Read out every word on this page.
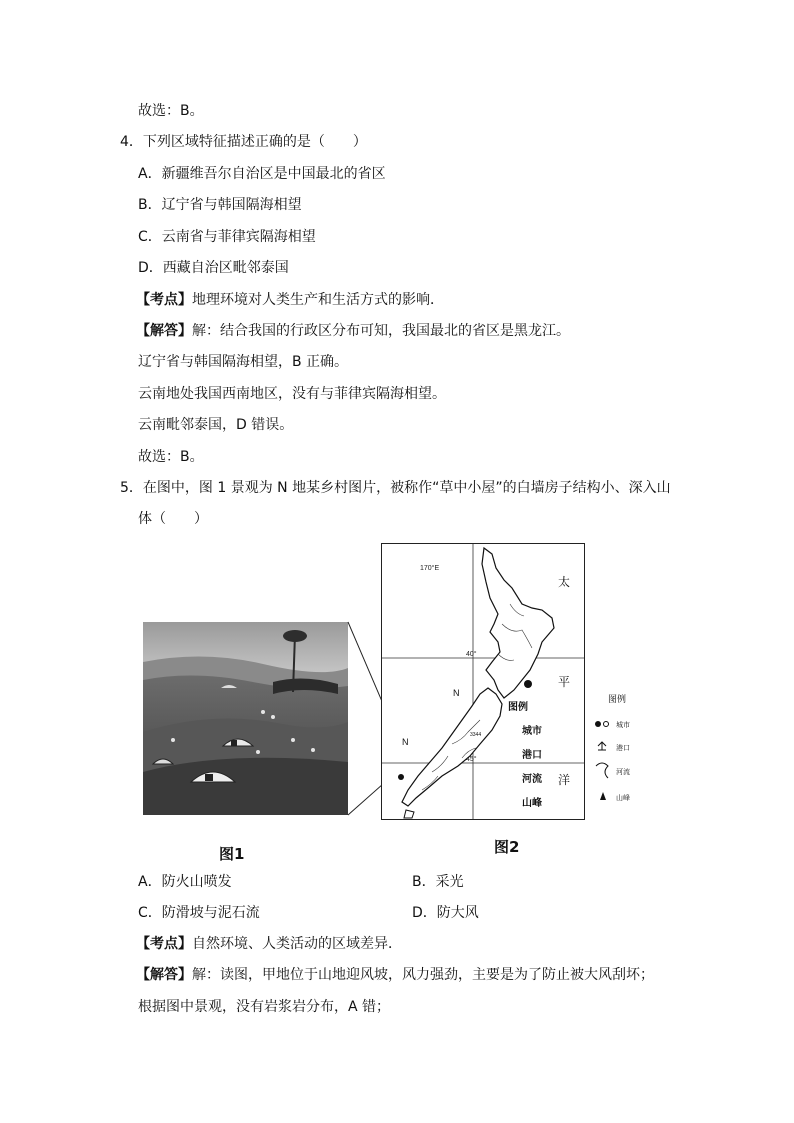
故选：B。
4．下列区域特征描述正确的是（　　）
A．新疆维吾尔自治区是中国最北的省区
B．辽宁省与韩国隔海相望
C．云南省与菲律宾隔海相望
D．西藏自治区毗邻泰国
【考点】地理环境对人类生产和生活方式的影响．
【解答】解：结合我国的行政区分布可知，我国最北的省区是黑龙江。
辽宁省与韩国隔海相望，B 正确。
云南地处我国西南地区，没有与菲律宾隔海相望。
云南毗邻泰国，D 错误。
故选：B。
5．在图中，图 1 景观为 N 地某乡村图片，被称作“草中小屋”的白墙房子结构小、深入山
体（　　）
170°E
40°
45°
N
N
3344
太
平
洋
图例
城市
港口
河流
山峰
图例
城市
港口
河流
山峰
图1	图2
A．防火山喷发	B．采光
C．防滑坡与泥石流	D．防大风
【考点】自然环境、人类活动的区域差异．
【解答】解：读图，甲地位于山地迎风坡，风力强劲，主要是为了防止被大风刮坏；
根据图中景观，没有岩浆岩分布，A 错；
